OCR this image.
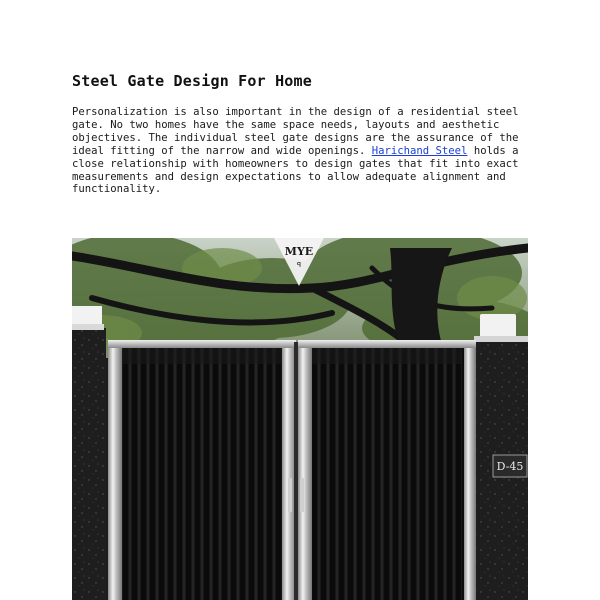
Steel Gate Design For Home

Personalization is also important in the design of a residential steel gate. No two homes have the same space needs, layouts and aesthetic objectives. The individual steel gate designs are the assurance of the ideal fitting of the narrow and wide openings. Harichand Steel holds a close relationship with homeowners to design gates that fit into exact measurements and design expectations to allow adequate alignment and functionality.

MYE
ꟼ
D-45
